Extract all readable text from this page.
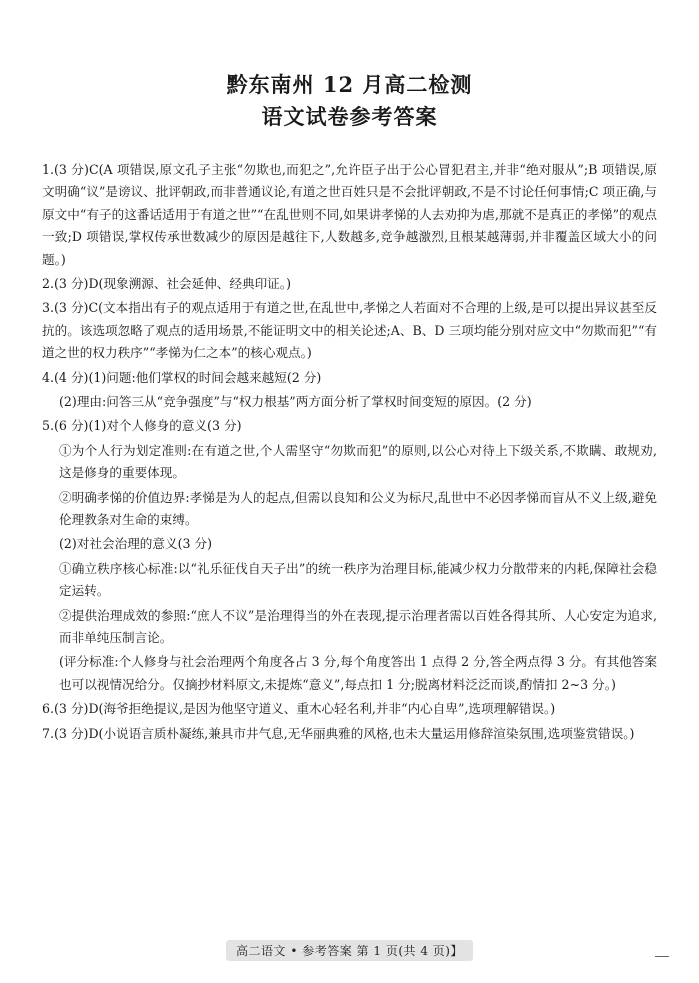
黔东南州 12 月高二检测
语文试卷参考答案

1.(3 分)C(A 项错误,原文孔子主张“勿欺也,而犯之”,允许臣子出于公心冒犯君主,并非“绝对服从”;B 项错误,原文明确“议”是谤议、批评朝政,而非普通议论,有道之世百姓只是不会批评朝政,不是不讨论任何事情;C 项正确,与原文中“有子的这番话适用于有道之世”“在乱世则不同,如果讲孝悌的人去劝抑为虐,那就不是真正的孝悌”的观点一致;D 项错误,掌权传承世数减少的原因是越往下,人数越多,竞争越激烈,且根某越薄弱,并非覆盖区域大小的问题。)

2.(3 分)D(现象溯源、社会延伸、经典印证。)

3.(3 分)C(文本指出有子的观点适用于有道之世,在乱世中,孝悌之人若面对不合理的上级,是可以提出异议甚至反抗的。该选项忽略了观点的适用场景,不能证明文中的相关论述;A、B、D 三项均能分别对应文中“勿欺而犯”“有道之世的权力秩序”“孝悌为仁之本”的核心观点。)

4.(4 分)(1)问题:他们掌权的时间会越来越短(2 分)

(2)理由:问答三从“竞争强度”与“权力根基”两方面分析了掌权时间变短的原因。(2 分)

5.(6 分)(1)对个人修身的意义(3 分)

①为个人行为划定准则:在有道之世,个人需坚守“勿欺而犯”的原则,以公心对待上下级关系,不欺瞒、敢规劝,这是修身的重要体现。

②明确孝悌的价值边界:孝悌是为人的起点,但需以良知和公义为标尺,乱世中不必因孝悌而盲从不义上级,避免伦理教条对生命的束缚。

(2)对社会治理的意义(3 分)

①确立秩序核心标准:以“礼乐征伐自天子出”的统一秩序为治理目标,能减少权力分散带来的内耗,保障社会稳定运转。

②提供治理成效的参照:“庶人不议”是治理得当的外在表现,提示治理者需以百姓各得其所、人心安定为追求,而非单纯压制言论。

(评分标准:个人修身与社会治理两个角度各占 3 分,每个角度答出 1 点得 2 分,答全两点得 3 分。有其他答案也可以视情况给分。仅摘抄材料原文,未提炼“意义”,每点扣 1 分;脱离材料泛泛而谈,酌情扣 2~3 分。)

6.(3 分)D(海爷拒绝提议,是因为他坚守道义、重木心轻名利,并非“内心自卑”,选项理解错误。)

7.(3 分)D(小说语言质朴凝练,兼具市井气息,无华丽典雅的风格,也未大量运用修辞渲染氛围,选项鉴赏错误。)

高二语文 • 参考答案 第 1 页(共 4 页)】
